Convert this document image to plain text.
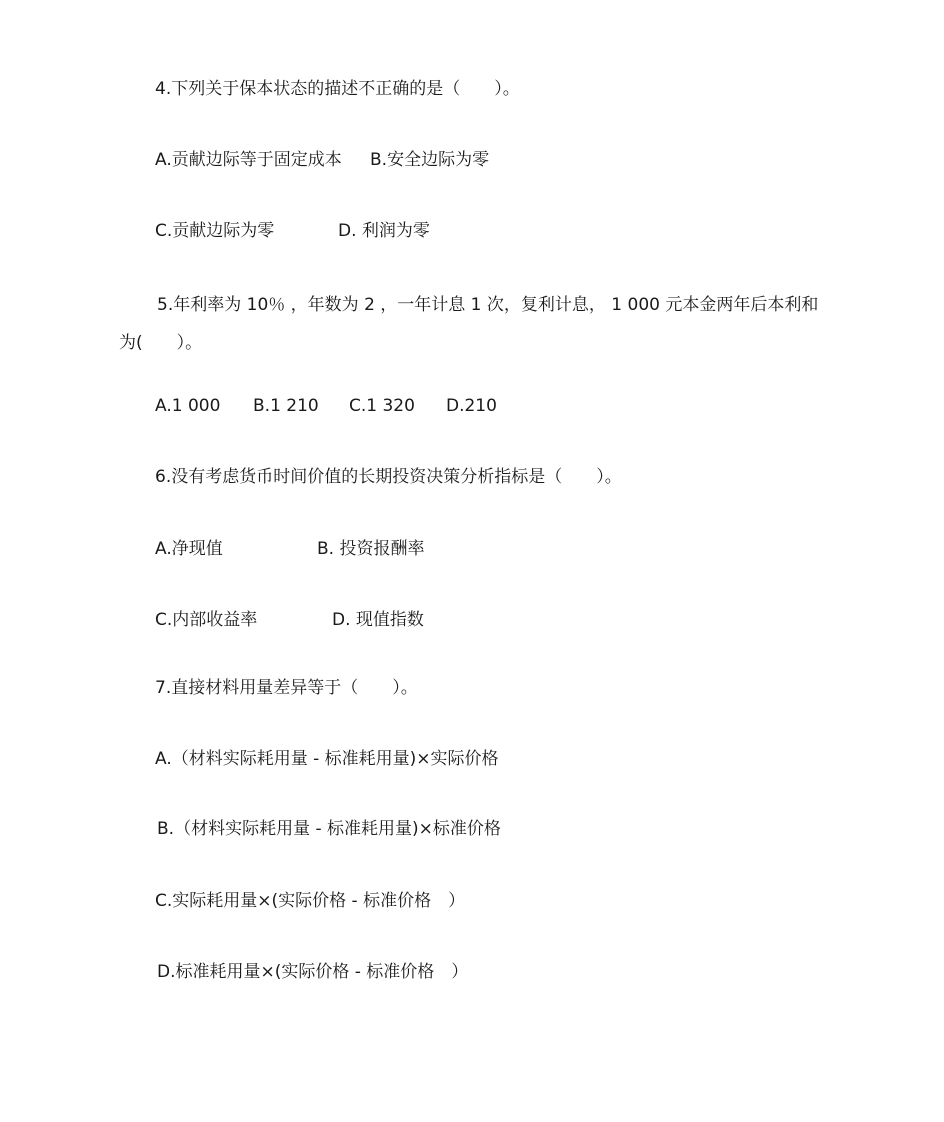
4.下列关于保本状态的描述不正确的是（　　）。
A.贡献边际等于固定成本 B.安全边际为零
C.贡献边际为零	D. 利润为零
5.年利率为 10％ ，年数为 2 ，一年计息 1 次，复利计息， 1 000 元本金两年后本利和
为(　　）。
A.1 000 B.1 210 C.1 320 D.210
6.没有考虑货币时间价值的长期投资决策分析指标是（　　）。
A.净现值	B. 投资报酬率
C.内部收益率	D. 现值指数
7.直接材料用量差异等于（　　）。
A.（材料实际耗用量 - 标准耗用量)×实际价格
B.（材料实际耗用量 - 标准耗用量)×标准价格
C.实际耗用量×(实际价格 - 标准价格　）
D.标准耗用量×(实际价格 - 标准价格　）
